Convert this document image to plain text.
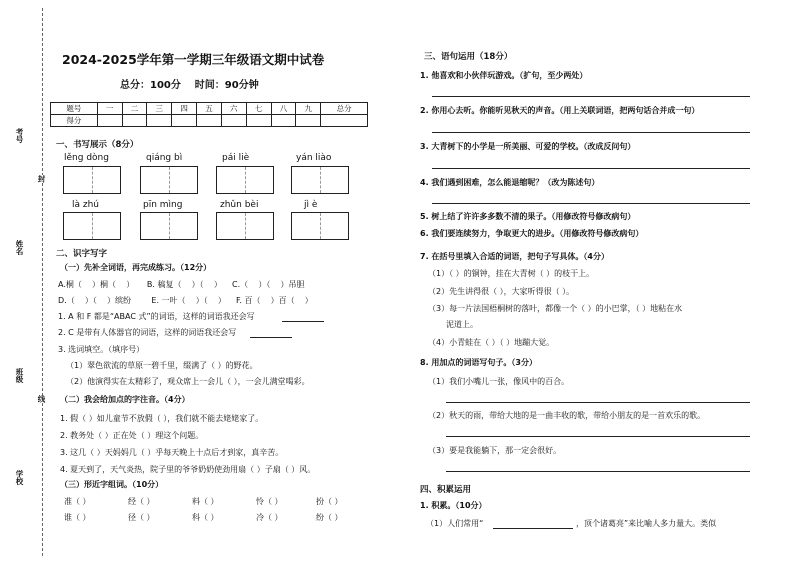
考号
姓名
班级
学校
封
线
2024-2025学年第一学期三年级语文期中试卷
总分：100分    时间：90分钟
题号	一	二	三	四	五	六	七	八	九	总分
得分										
一、书写展示（8分）
lěng dòng	qiáng bì	pái liè	yán liào
là zhú	pīn mìng	zhǔn bèi	jì è
二、识字写字
（一）先补全词语，再完成练习。（12分）
A.桐（    ）桐（    ）     B. 稿复（    ）（    ）    C.（    ）（    ）吊胆
D.（    ）（    ）缤纷        E. 一叶（    ）（    ）    F. 百（    ）百（    ）
1. A 和 F 都是“ABAC 式”的词语，这样的词语我还会写
2. C 是带有人体器官的词语，这样的词语我还会写
3. 选词填空。（填序号）
（1）翠色欲流的草原一碧千里，缀满了（ ）的野花。
（2）他演得实在太精彩了，观众席上一会儿（ ），一会儿满堂喝彩。
（二）我会给加点的字注音。（4分）
1. 假（ ）如儿童节不放假（ ），我们就不能去姥姥家了。
2. 教务处（ ）正在处（ ）理这个问题。
3. 这几（ ）天妈妈几（ ）乎每天晚上十点后才到家，真辛苦。
4. 夏天到了，天气炎热，院子里的爷爷奶奶使劲用扇（ ）子扇（ ）风。
（三）形近字组词。（10分）
准（ ）	经（ ）	料（ ）	怜（ ）	扮（ ）
谁（ ）	径（ ）	科（ ）	冷（ ）	纷（ ）
三、语句运用（18分）
1. 他喜欢和小伙伴玩游戏。（扩句，至少两处）
2. 你用心去听。你能听见秋天的声音。（用上关联词语，把两句话合并成一句）
3. 大青树下的小学是一所美丽、可爱的学校。（改成反问句）
4. 我们遇到困难，怎么能退缩呢？（改为陈述句）
5. 树上结了许许多多数不清的果子。（用修改符号修改病句）
6. 我们要连续努力，争取更大的进步。（用修改符号修改病句）
7. 在括号里填入合适的词语，把句子写具体。（4分）
（1）（ ）的铜钟，挂在大青树（ ）的枝干上。
（2）先生讲得很（ ），大家听得很（ ）。
（3）每一片法国梧桐树的落叶，都像一个（ ）的小巴掌，（ ）地粘在水
泥道上。
（4）小青蛙在（ ）（ ）地蹦大觉。
8. 用加点的词语写句子。（3分）
（1）我们小嘴儿一张，像风中的百合。
（2）秋天的雨，带给大地的是一曲丰收的歌，带给小朋友的是一首欢乐的歌。
（3）要是我能躺下，那一定会很好。
四、积累运用
1. 积累。（10分）
（1）人们常用“	，顶个诸葛亮”来比喻人多力量大。类似
